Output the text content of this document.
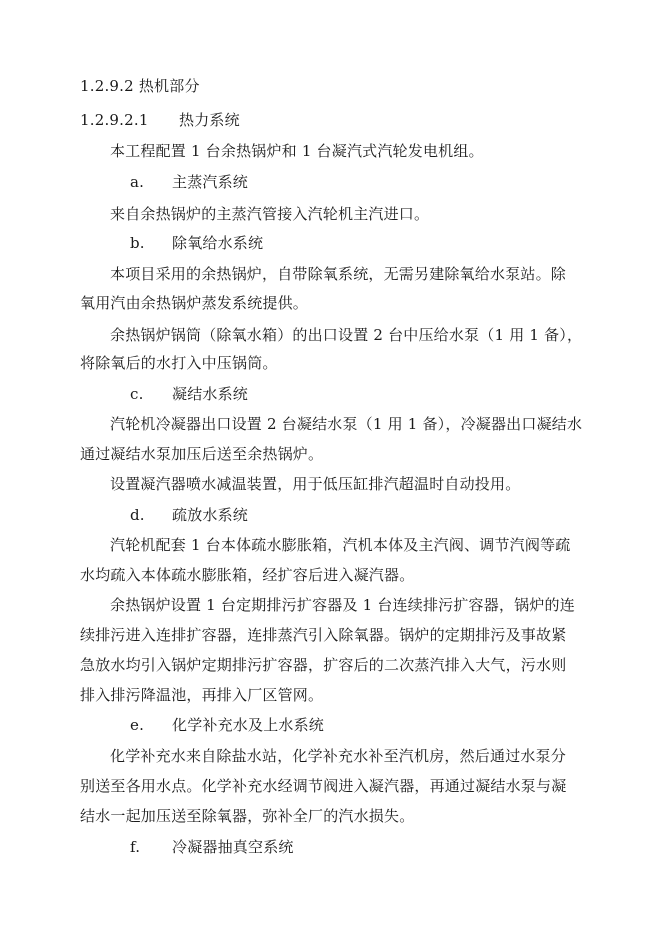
1.2.9.2 热机部分
1.2.9.2.1　　热力系统
本工程配置 1 台余热锅炉和 1 台凝汽式汽轮发电机组。
a. 主蒸汽系统
来自余热锅炉的主蒸汽管接入汽轮机主汽进口。
b. 除氧给水系统
本项目采用的余热锅炉，自带除氧系统，无需另建除氧给水泵站。除
氧用汽由余热锅炉蒸发系统提供。
余热锅炉锅筒（除氧水箱）的出口设置 2 台中压给水泵（1 用 1 备），
将除氧后的水打入中压锅筒。
c. 凝结水系统
汽轮机冷凝器出口设置 2 台凝结水泵（1 用 1 备），冷凝器出口凝结水
通过凝结水泵加压后送至余热锅炉。
设置凝汽器喷水减温装置，用于低压缸排汽超温时自动投用。
d. 疏放水系统
汽轮机配套 1 台本体疏水膨胀箱，汽机本体及主汽阀、调节汽阀等疏
水均疏入本体疏水膨胀箱，经扩容后进入凝汽器。
余热锅炉设置 1 台定期排污扩容器及 1 台连续排污扩容器，锅炉的连
续排污进入连排扩容器，连排蒸汽引入除氧器。锅炉的定期排污及事故紧
急放水均引入锅炉定期排污扩容器，扩容后的二次蒸汽排入大气，污水则
排入排污降温池，再排入厂区管网。
e. 化学补充水及上水系统
化学补充水来自除盐水站，化学补充水补至汽机房，然后通过水泵分
别送至各用水点。化学补充水经调节阀进入凝汽器，再通过凝结水泵与凝
结水一起加压送至除氧器，弥补全厂的汽水损失。
f. 冷凝器抽真空系统
